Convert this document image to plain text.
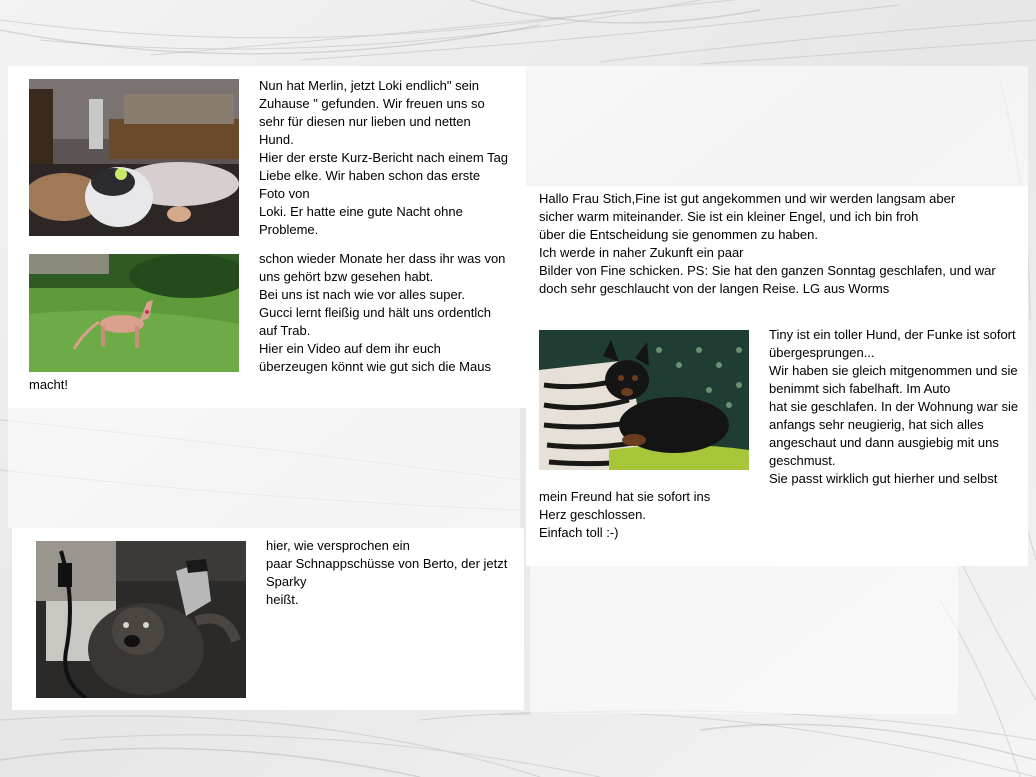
Nun hat Merlin, jetzt Loki endlich" sein
Zuhause " gefunden. Wir freuen uns so
sehr für diesen nur lieben und netten
Hund.
Hier der erste Kurz-Bericht nach einem Tag
Liebe elke. Wir haben schon das erste
Foto von
Loki. Er hatte eine gute Nacht ohne
Probleme.
schon wieder Monate her dass ihr was von
uns gehört bzw gesehen habt.
Bei uns ist nach wie vor alles super.
Gucci lernt fleißig und hält uns ordentlch
auf Trab.
Hier ein Video auf dem ihr euch
überzeugen könnt wie gut sich die Maus
macht!
hier, wie versprochen ein
paar Schnappschüsse von Berto, der jetzt
Sparky
heißt.
Hallo Frau Stich,Fine ist gut angekommen und wir werden langsam aber
sicher warm miteinander. Sie ist ein kleiner Engel, und ich bin froh
über die Entscheidung sie genommen zu haben.
Ich werde in naher Zukunft ein paar
Bilder von Fine schicken. PS: Sie hat den ganzen Sonntag geschlafen, und war
doch sehr geschlaucht von der langen Reise. LG aus Worms
Tiny ist ein toller Hund, der Funke ist sofort
übergesprungen...
Wir haben sie gleich mitgenommen und sie
benimmt sich fabelhaft. Im Auto
hat sie geschlafen. In der Wohnung war sie
anfangs sehr neugierig, hat sich alles
angeschaut und dann ausgiebig mit uns
geschmust.
Sie passt wirklich gut hierher und selbst
mein Freund hat sie sofort ins
Herz geschlossen.
Einfach toll :-)
